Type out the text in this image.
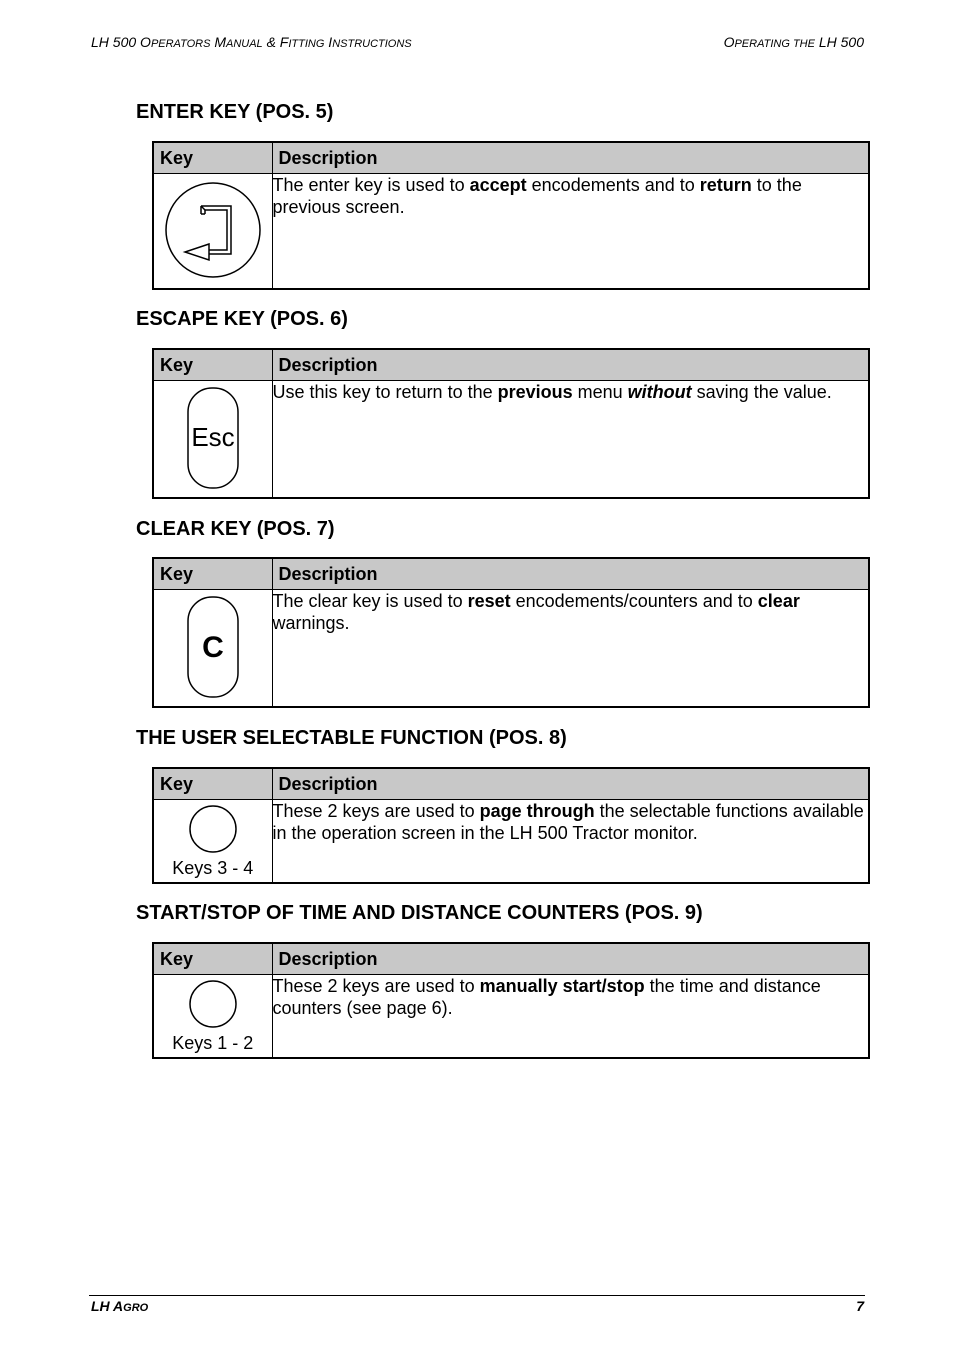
LH 500 OPERATORS MANUAL & FITTING INSTRUCTIONS	OPERATING THE LH 500
ENTER KEY (POS. 5)
Key	Description

	The enter key is used to accept encodements and to return to the previous screen.
ESCAPE KEY (POS. 6)
Key	Description

Esc	Use this key to return to the previous menu without saving the value.
CLEAR KEY (POS. 7)
Key	Description

C	The clear key is used to reset encodements/counters and to clear warnings.
THE USER SELECTABLE FUNCTION (POS. 8)
Key	Description

Keys 3 - 4	These 2 keys are used to page through the selectable functions available in the operation screen in the LH 500 Tractor monitor.
START/STOP OF TIME AND DISTANCE COUNTERS (POS. 9)
Key	Description

Keys 1 - 2	These 2 keys are used to manually start/stop the time and distance counters (see page 6).
LH AGRO	7
